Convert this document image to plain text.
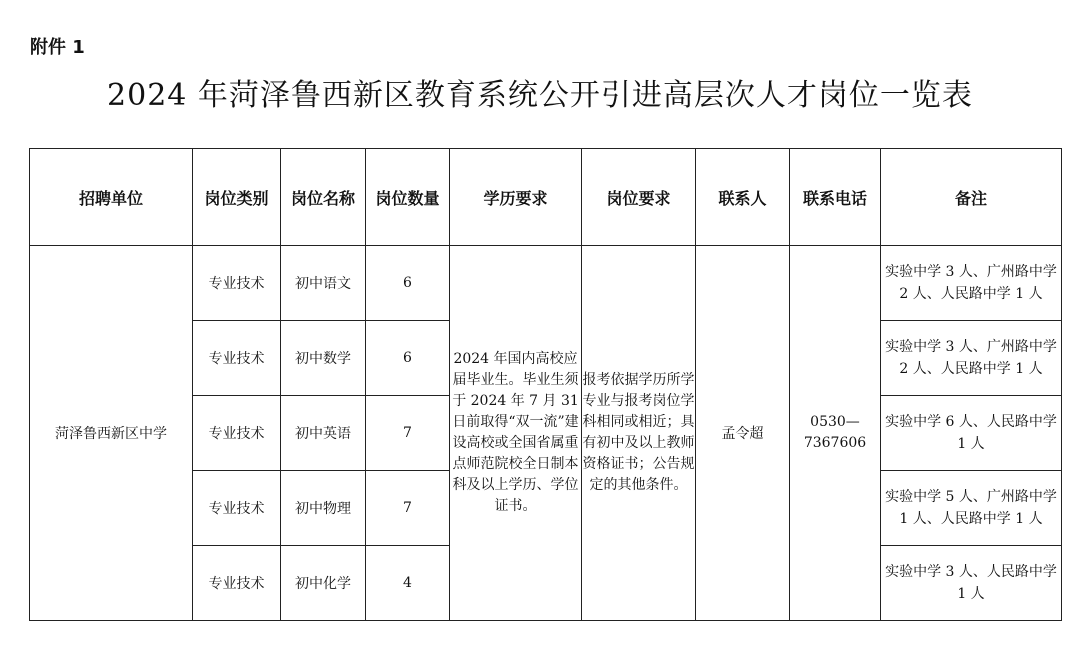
附件 1
2024 年菏泽鲁西新区教育系统公开引进高层次人才岗位一览表
招聘单位	岗位类别	岗位名称	岗位数量	学历要求	岗位要求	联系人	联系电话	备注
菏泽鲁西新区中学	专业技术	初中语文	6	2024 年国内高校应届毕业生。毕业生须于 2024 年 7 月 31 日前取得“双一流”建设高校或全国省属重点师范院校全日制本科及以上学历、学位证书。	报考依据学历所学专业与报考岗位学科相同或相近；具有初中及以上教师资格证书；公告规定的其他条件。	孟令超	0530—7367606	实验中学 3 人、广州路中学 2 人、人民路中学 1 人
	专业技术	初中数学	6					实验中学 3 人、广州路中学 2 人、人民路中学 1 人
	专业技术	初中英语	7					实验中学 6 人、人民路中学 1 人
	专业技术	初中物理	7					实验中学 5 人、广州路中学 1 人、人民路中学 1 人
	专业技术	初中化学	4					实验中学 3 人、人民路中学 1 人
